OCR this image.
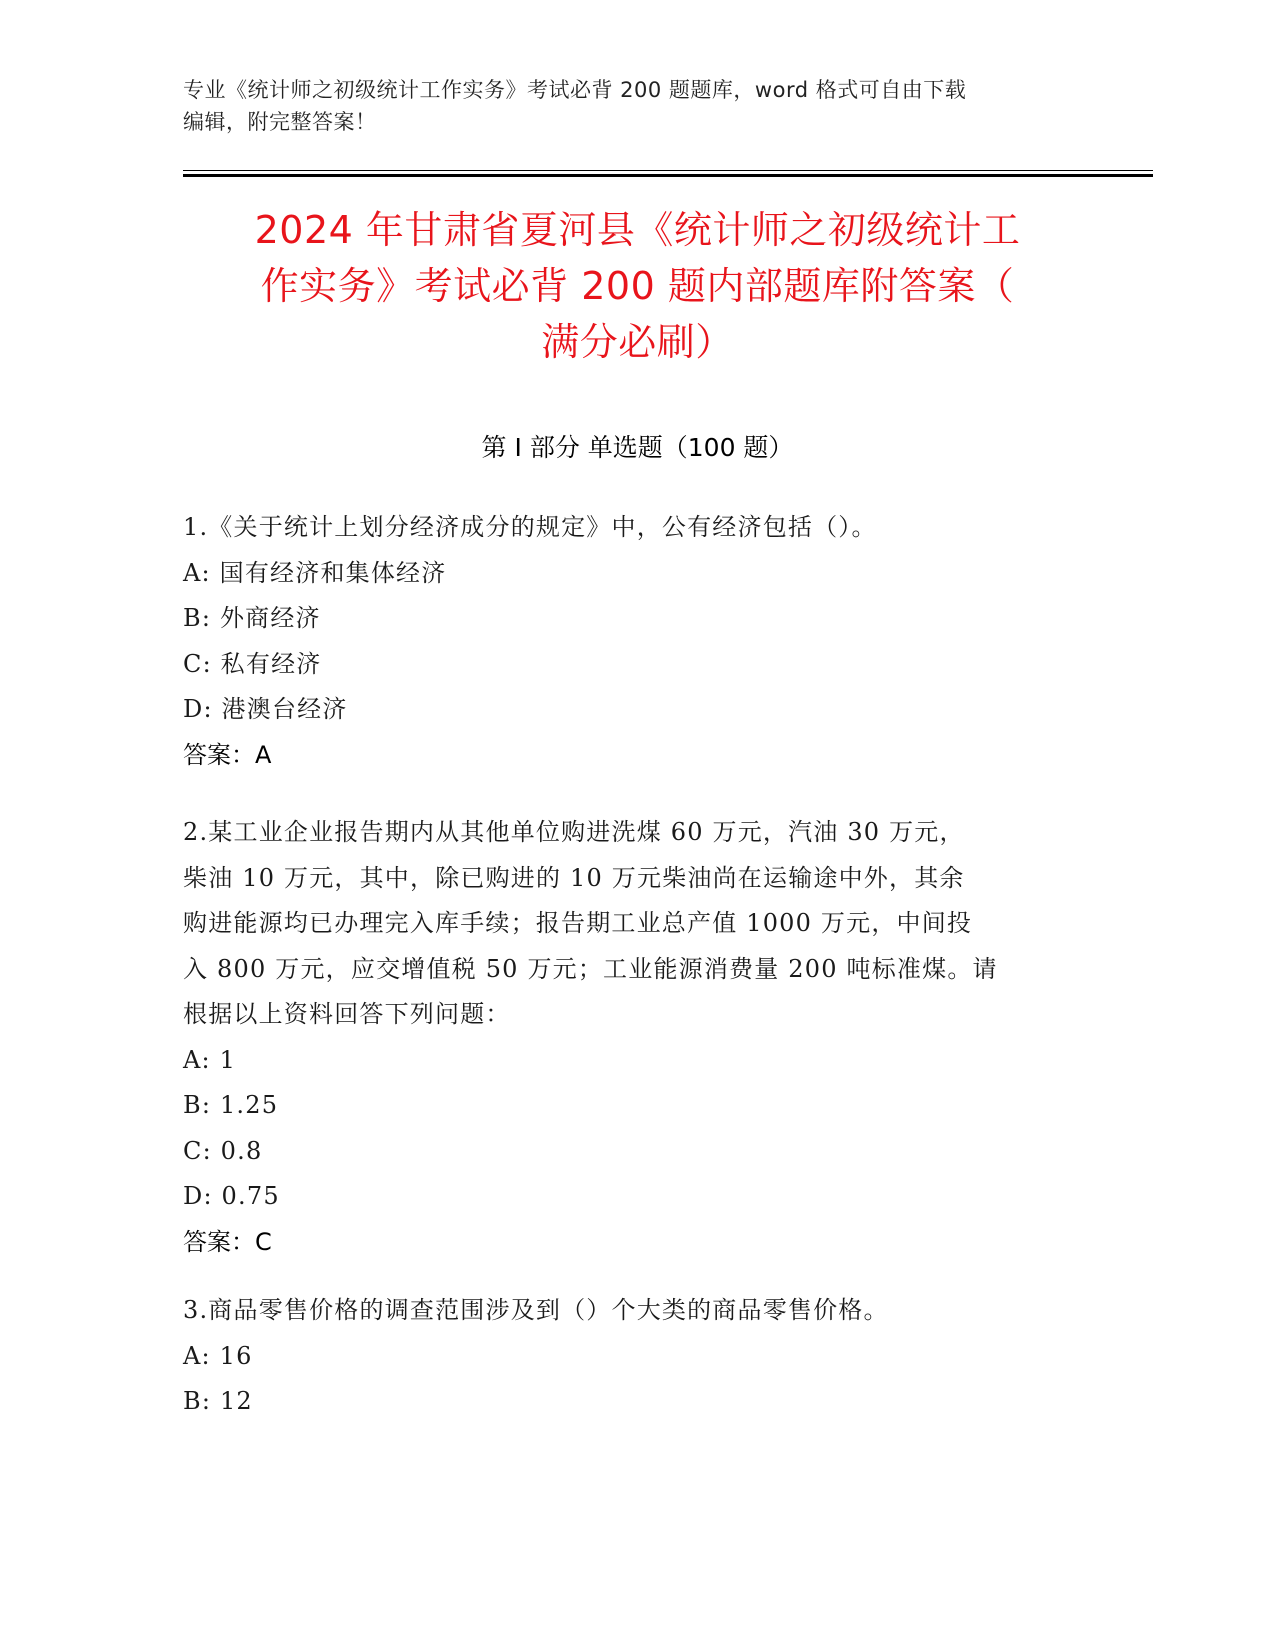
专业《统计师之初级统计工作实务》考试必背 200 题题库，word 格式可自由下载
编辑，附完整答案！
2024 年甘肃省夏河县《统计师之初级统计工
作实务》考试必背 200 题内部题库附答案（
满分必刷）
第 I 部分 单选题（100 题）
1.《关于统计上划分经济成分的规定》中，公有经济包括（）。
A: 国有经济和集体经济
B: 外商经济
C: 私有经济
D: 港澳台经济
答案：A
2.某工业企业报告期内从其他单位购进洗煤 60 万元，汽油 30 万元，
柴油 10 万元，其中，除已购进的 10 万元柴油尚在运输途中外，其余
购进能源均已办理完入库手续；报告期工业总产值 1000 万元，中间投
入 800 万元，应交增值税 50 万元；工业能源消费量 200 吨标准煤。请
根据以上资料回答下列问题：
A: 1
B: 1.25
C: 0.8
D: 0.75
答案：C
3.商品零售价格的调查范围涉及到（）个大类的商品零售价格。
A: 16
B: 12
